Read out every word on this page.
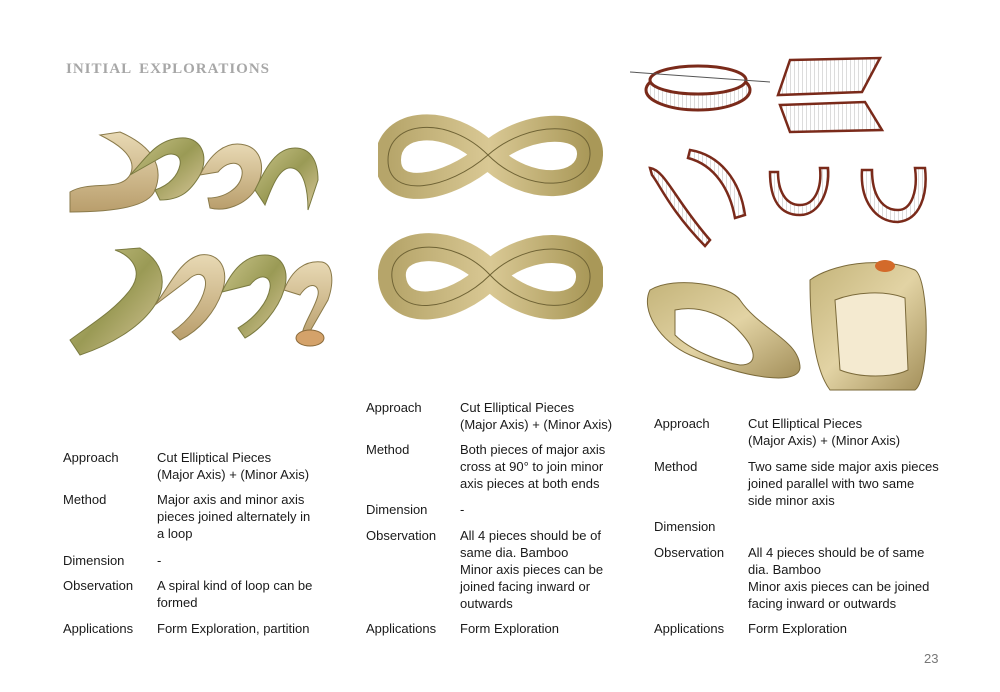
INITIAL EXPLORATIONS
Approach	Cut Elliptical Pieces
(Major Axis) + (Minor Axis)
Method	Major axis and minor axis
pieces joined alternately in
a loop
Dimension	-
Observation A spiral kind of loop can be
formed
Applications Form Exploration, partition
Approach	Cut Elliptical Pieces
(Major Axis) + (Minor Axis)
Method	Both pieces of major axis
cross at 90° to join minor
axis pieces at both ends
Dimension	-
Observation All 4 pieces should be of
same dia. Bamboo
Minor axis pieces can be
joined facing inward or
outwards
Applications Form Exploration
Approach	Cut Elliptical Pieces
(Major Axis) + (Minor Axis)
Method	Two same side major axis pieces
joined parallel with two same
side minor axis
Dimension
Observation All 4 pieces should be of same
dia. Bamboo
Minor axis pieces can be joined
facing inward or outwards
Applications Form Exploration
23
